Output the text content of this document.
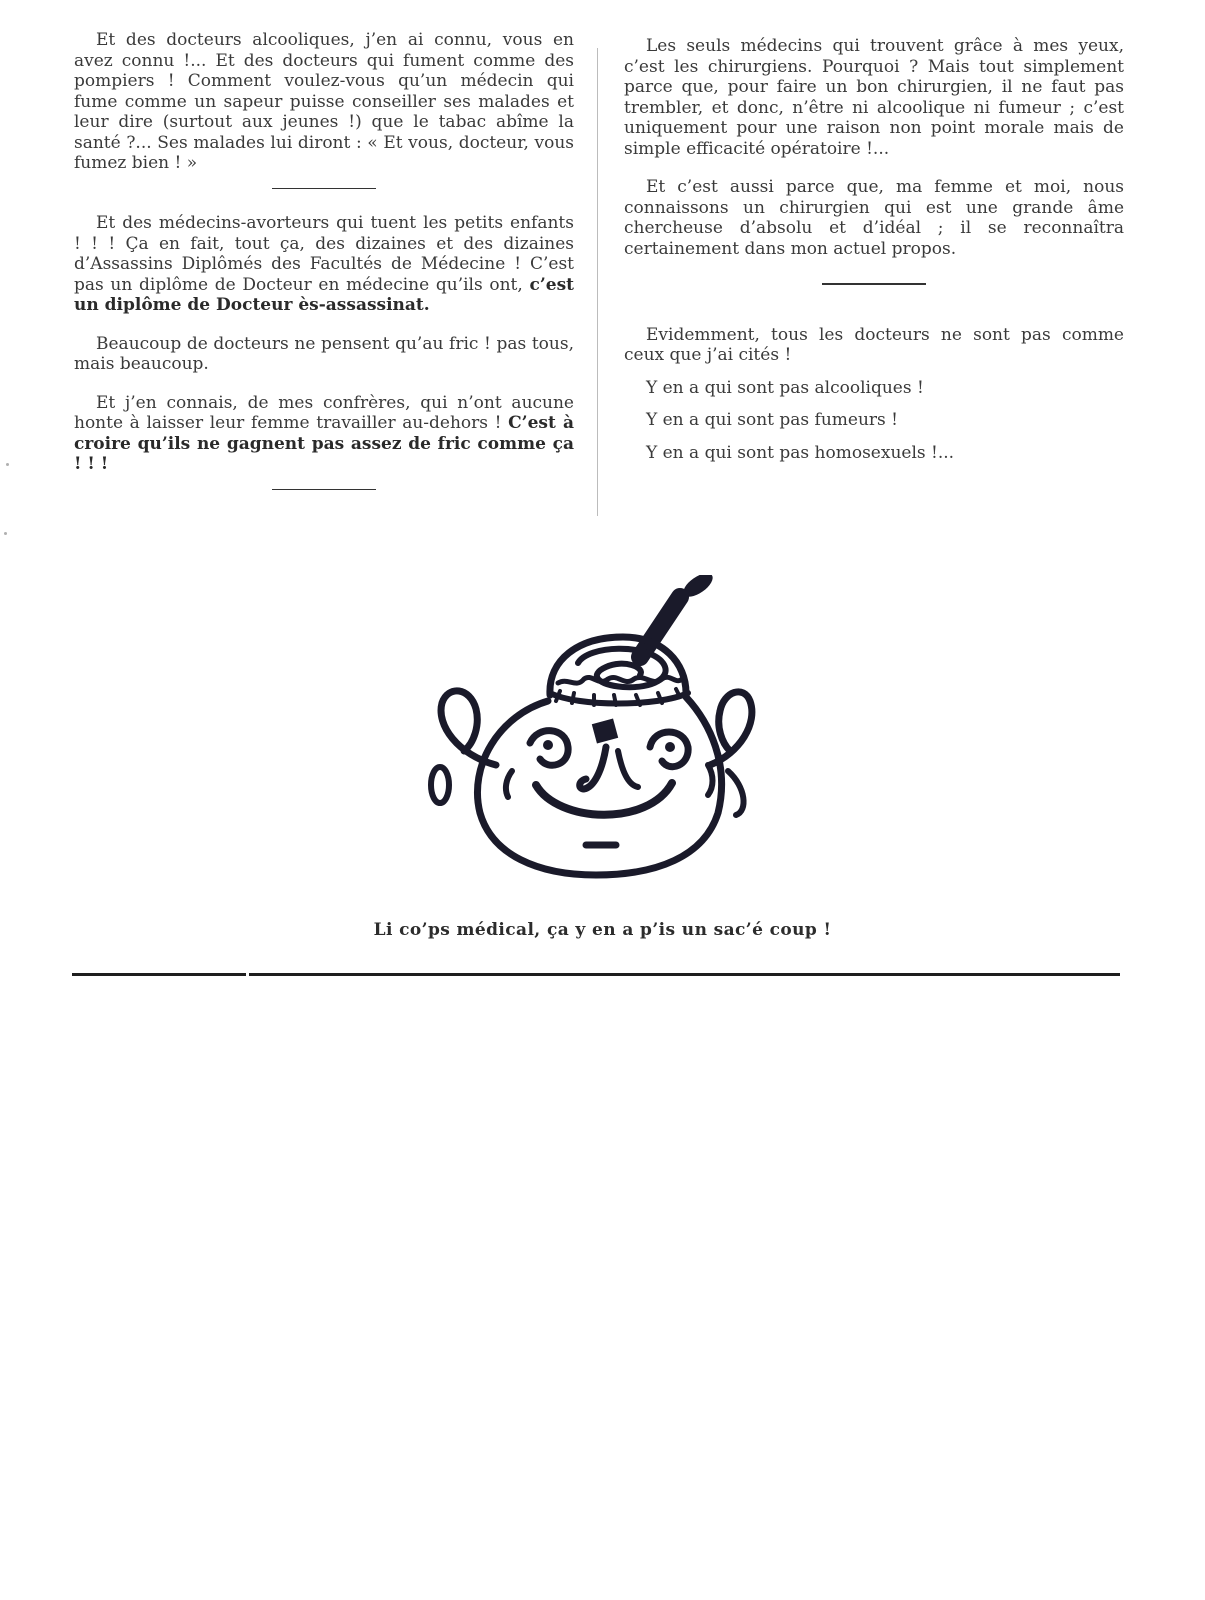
Et des docteurs alcooliques, j’en ai connu, vous en avez connu !... Et des docteurs qui fument comme des pompiers ! Comment voulez-vous qu’un médecin qui fume comme un sapeur puisse conseiller ses malades et leur dire (surtout aux jeunes !) que le tabac abîme la santé ?... Ses malades lui diront : « Et vous, docteur, vous fumez bien ! »

Et des médecins-avorteurs qui tuent les petits enfants ! ! ! Ça en fait, tout ça, des dizaines et des dizaines d’Assassins Diplômés des Facultés de Médecine ! C’est pas un diplôme de Docteur en médecine qu’ils ont, c’est un diplôme de Docteur ès-assassinat.

Beaucoup de docteurs ne pensent qu’au fric ! pas tous, mais beaucoup.

Et j’en connais, de mes confrères, qui n’ont aucune honte à laisser leur femme travailler au-dehors ! C’est à croire qu’ils ne gagnent pas assez de fric comme ça ! ! !

Les seuls médecins qui trouvent grâce à mes yeux, c’est les chirurgiens. Pourquoi ? Mais tout simplement parce que, pour faire un bon chirurgien, il ne faut pas trembler, et donc, n’être ni alcoolique ni fumeur ; c’est uniquement pour une raison non point morale mais de simple efficacité opératoire !...

Et c’est aussi parce que, ma femme et moi, nous connaissons un chirurgien qui est une grande âme chercheuse d’absolu et d’idéal ; il se reconnaîtra certainement dans mon actuel propos.

Evidemment, tous les docteurs ne sont pas comme ceux que j’ai cités !

Y en a qui sont pas alcooliques !

Y en a qui sont pas fumeurs !

Y en a qui sont pas homosexuels !...

Li co’ps médical, ça y en a p’is un sac’é coup !
